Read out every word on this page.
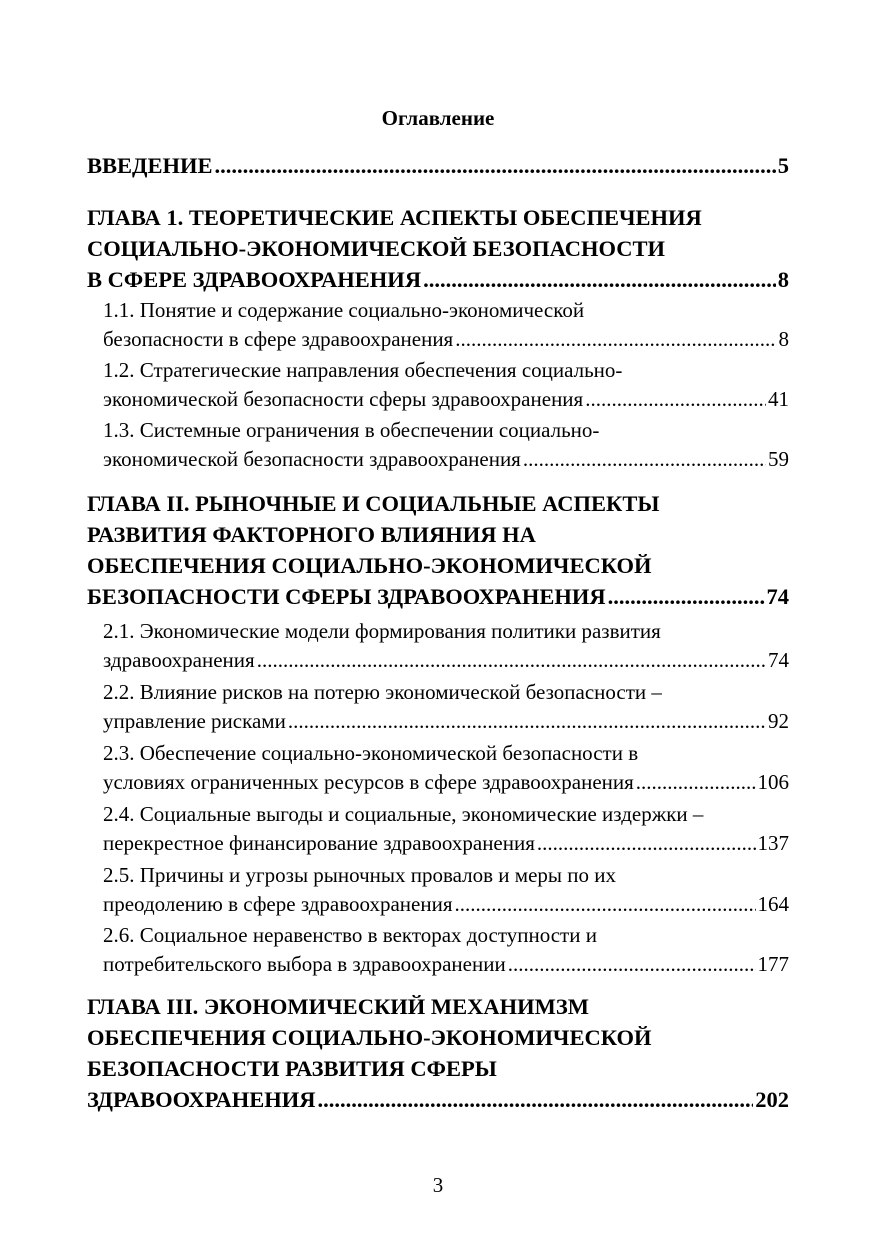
Оглавление
ВВЕДЕНИЕ .....	5
ГЛАВА 1. ТЕОРЕТИЧЕСКИЕ АСПЕКТЫ ОБЕСПЕЧЕНИЯ
СОЦИАЛЬНО-ЭКОНОМИЧЕСКОЙ БЕЗОПАСНОСТИ
В СФЕРЕ ЗДРАВООХРАНЕНИЯ .....	8
1.1. Понятие и содержание социально-экономической
безопасности в сфере здравоохранения .....	8
1.2. Стратегические направления обеспечения социально-
экономической безопасности сферы здравоохранения .....	41
1.3. Системные ограничения в обеспечении социально-
экономической безопасности здравоохранения .....	59
ГЛАВА II. РЫНОЧНЫЕ И СОЦИАЛЬНЫЕ АСПЕКТЫ
РАЗВИТИЯ ФАКТОРНОГО ВЛИЯНИЯ НА
ОБЕСПЕЧЕНИЯ СОЦИАЛЬНО-ЭКОНОМИЧЕСКОЙ
БЕЗОПАСНОСТИ СФЕРЫ ЗДРАВООХРАНЕНИЯ .....	74
2.1. Экономические модели формирования политики развития
здравоохранения .....	74
2.2. Влияние рисков на потерю экономической безопасности –
управление рисками .....	92
2.3. Обеспечение социально-экономической безопасности в
условиях ограниченных ресурсов в сфере здравоохранения .....	106
2.4. Социальные выгоды и социальные, экономические издержки –
перекрестное финансирование здравоохранения .....	137
2.5. Причины и угрозы рыночных провалов и меры по их
преодолению в сфере здравоохранения .....	164
2.6. Социальное неравенство в векторах доступности и
потребительского выбора в здравоохранении .....	177
ГЛАВА III. ЭКОНОМИЧЕСКИЙ МЕХАНИМЗМ
ОБЕСПЕЧЕНИЯ СОЦИАЛЬНО-ЭКОНОМИЧЕСКОЙ
БЕЗОПАСНОСТИ РАЗВИТИЯ СФЕРЫ
ЗДРАВООХРАНЕНИЯ .....	202
3
